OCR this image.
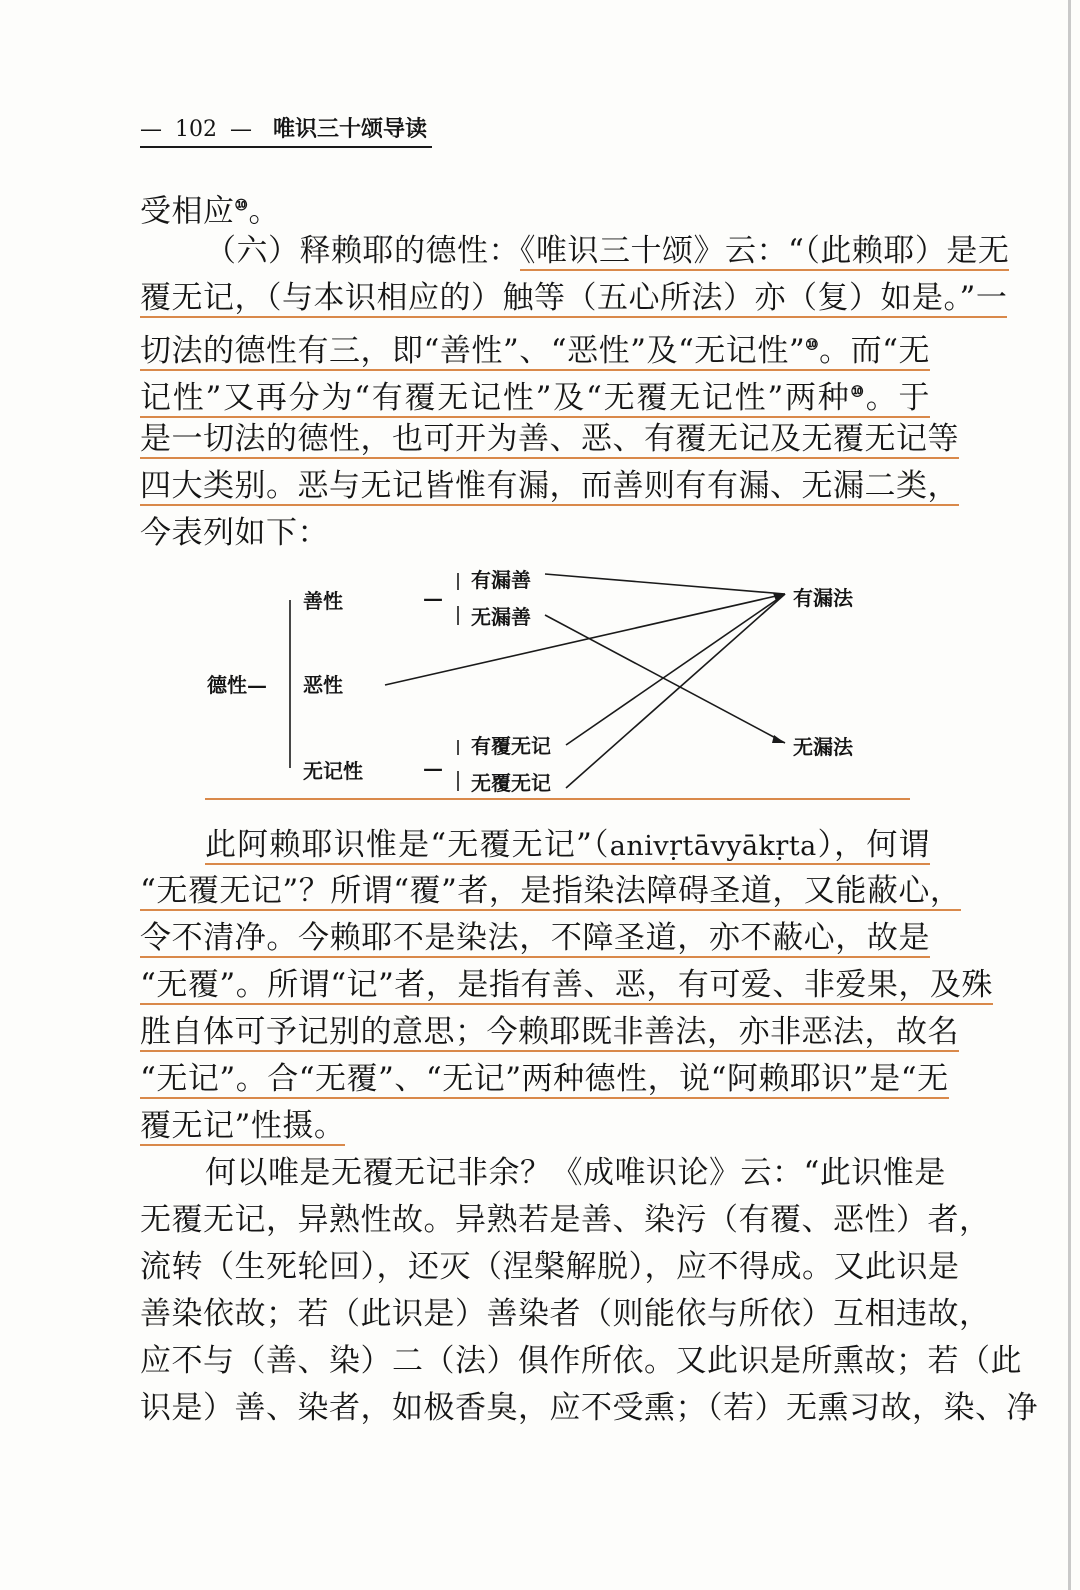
— 102 — 唯识三十颂导读
受相应⑩。
（六）释赖耶的德性：《唯识三十颂》云：“（此赖耶）是无
覆无记，（与本识相应的）触等（五心所法）亦（复）如是。”一
切法的德性有三，即“善性”、“恶性”及“无记性”⑩。而“无
记性”又再分为“有覆无记性”及“无覆无记性”两种⑩。于
是一切法的德性，也可开为善、恶、有覆无记及无覆无记等
四大类别。恶与无记皆惟有漏，而善则有有漏、无漏二类，
今表列如下：
德性—
善性
恶性
无记性
—
—
有漏善
无漏善
有覆无记
无覆无记
有漏法
无漏法
此阿赖耶识惟是“无覆无记”（anivṛtāvyākṛta），何谓
“无覆无记”？所谓“覆”者，是指染法障碍圣道，又能蔽心，
令不清净。今赖耶不是染法，不障圣道，亦不蔽心，故是
“无覆”。所谓“记”者，是指有善、恶，有可爱、非爱果，及殊
胜自体可予记别的意思；今赖耶既非善法，亦非恶法，故名
“无记”。合“无覆”、“无记”两种德性，说“阿赖耶识”是“无
覆无记”性摄。
何以唯是无覆无记非余？《成唯识论》云：“此识惟是
无覆无记，异熟性故。异熟若是善、染污（有覆、恶性）者，
流转（生死轮回），还灭（涅槃解脱），应不得成。又此识是
善染依故；若（此识是）善染者（则能依与所依）互相违故，
应不与（善、染）二（法）俱作所依。又此识是所熏故；若（此
识是）善、染者，如极香臭，应不受熏；（若）无熏习故，染、净
